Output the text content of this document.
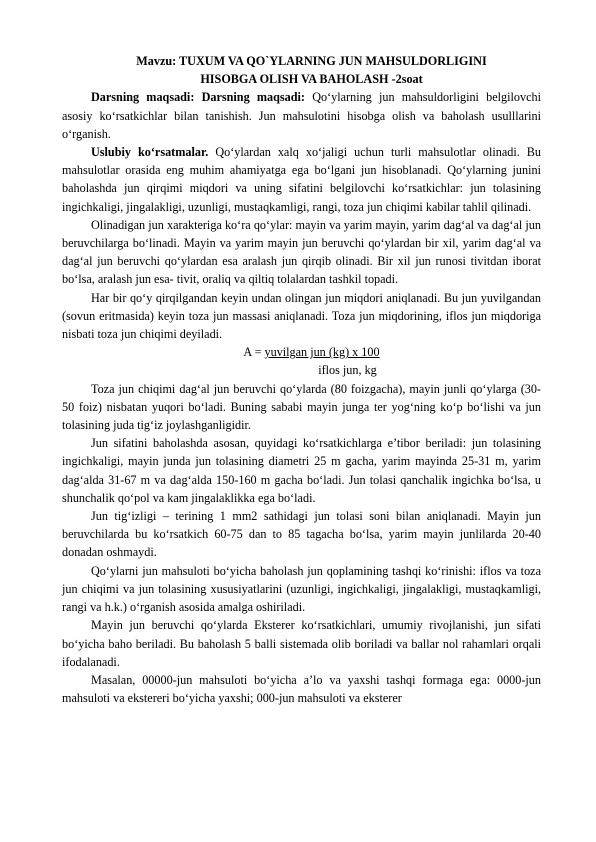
Mavzu: TUXUM VA QO`YLARNING JUN MAHSULDORLIGINI
HISOBGA OLISH VA BAHOLASH -2soat

Darsning maqsadi: Darsning maqsadi: Qo‘ylarning jun mahsuldorligini belgilovchi asosiy ko‘rsatkichlar bilan tanishish. Jun mahsulotini hisobga olish va baholash usulllarini o‘rganish.

Uslubiy ko‘rsatmalar. Qo‘ylardan xalq xo‘jaligi uchun turli mahsulotlar olinadi. Bu mahsulotlar orasida eng muhim ahamiyatga ega bo‘lgani jun hisoblanadi. Qo‘ylarning junini baholashda jun qirqimi miqdori va uning sifatini belgilovchi ko‘rsatkichlar: jun tolasining ingichkaligi, jingalakligi, uzunligi, mustaqkamligi, rangi, toza jun chiqimi kabilar tahlil qilinadi.

Olinadigan jun xarakteriga ko‘ra qo‘ylar: mayin va yarim mayin, yarim dag‘al va dag‘al jun beruvchilarga bo‘linadi. Mayin va yarim mayin jun beruvchi qo‘ylardan bir xil, yarim dag‘al va dag‘al jun beruvchi qo‘ylardan esa aralash jun qirqib olinadi. Bir xil jun runosi tivitdan iborat bo‘lsa, aralash jun esa- tivit, oraliq va qiltiq tolalardan tashkil topadi.

Har bir qo‘y qirqilgandan keyin undan olingan jun miqdori aniqlanadi. Bu jun yuvilgandan (sovun eritmasida) keyin toza jun massasi aniqlanadi. Toza jun miqdorining, iflos jun miqdoriga nisbati toza jun chiqimi deyiladi.

A = yuvilgan jun (kg) x 100
iflos jun, kg

Toza jun chiqimi dag‘al jun beruvchi qo‘ylarda (80 foizgacha), mayin junli qo‘ylarga (30-50 foiz) nisbatan yuqori bo‘ladi. Buning sababi mayin junga ter yog‘ning ko‘p bo‘lishi va jun tolasining juda tig‘iz joylashganligidir.

Jun sifatini baholashda asosan, quyidagi ko‘rsatkichlarga e’tibor beriladi: jun tolasining ingichkaligi, mayin junda jun tolasining diametri 25 m gacha, yarim mayinda 25-31 m, yarim dag‘alda 31-67 m va dag‘alda 150-160 m gacha bo‘ladi. Jun tolasi qanchalik ingichka bo‘lsa, u shunchalik qo‘pol va kam jingalaklikka ega bo‘ladi.

Jun tig‘izligi – terining 1 mm2 sathidagi jun tolasi soni bilan aniqlanadi. Mayin jun beruvchilarda bu ko‘rsatkich 60-75 dan to 85 tagacha bo‘lsa, yarim mayin junlilarda 20-40 donadan oshmaydi.

Qo‘ylarni jun mahsuloti bo‘yicha baholash jun qoplamining tashqi ko‘rinishi: iflos va toza jun chiqimi va jun tolasining xususiyatlarini (uzunligi, ingichkaligi, jingalakligi, mustaqkamligi, rangi va h.k.) o‘rganish asosida amalga oshiriladi.

Mayin jun beruvchi qo‘ylarda Eksterer ko‘rsatkichlari, umumiy rivojlanishi, jun sifati bo‘yicha baho beriladi. Bu baholash 5 balli sistemada olib boriladi va ballar nol rahamlari orqali ifodalanadi.

Masalan, 00000-jun mahsuloti bo‘yicha a’lo va yaxshi tashqi formaga ega: 0000-jun mahsuloti va ekstereri bo‘yicha yaxshi; 000-jun mahsuloti va eksterer
